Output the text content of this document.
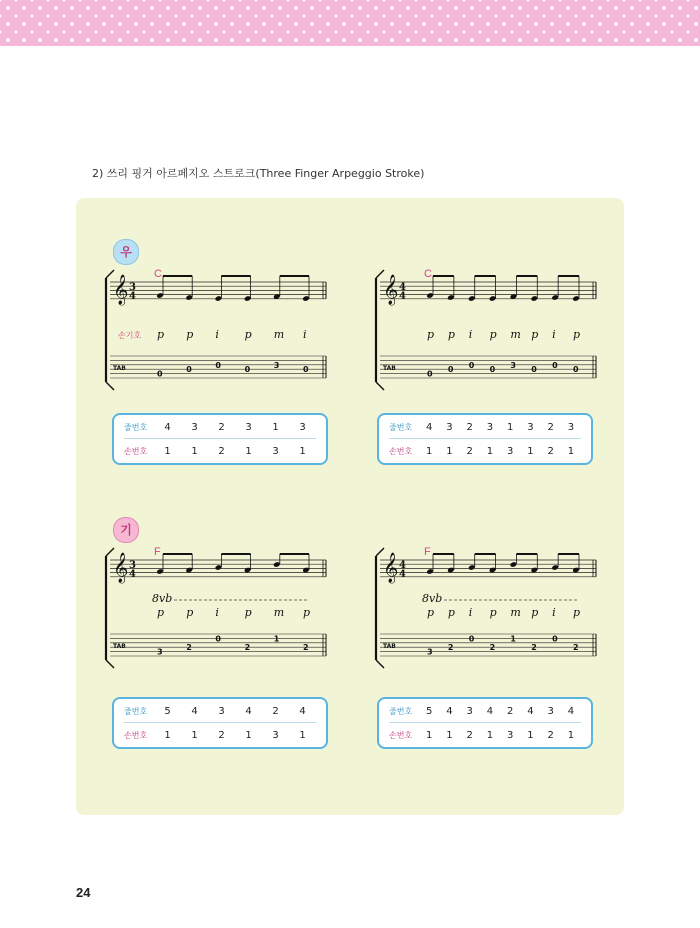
2) 쓰리 핑거 아르페지오 스트로크(Three Finger Arpeggio Stroke)
우
기
𝄞
TAB
3
4
C
손기호 p
0
p
0
i
0
p
0
m
3
i
0
𝄞
TAB
4
4
C
p
0
p
0
i
0
p
0
m
3
p
0
i
0
p
0
𝄞
TAB
3
4
F
p
3
p
2
i
0
p
2
m
1
p
2
8vb
𝄞
TAB
4
4
F
p
3
p
2
i
0
p
2
m
1
p
2
i
0
p
2
8vb
줄번호	4	3	2	3	1	3
손번호	1	1	2	1	3	1
줄번호	4	3	2	3	1	3	2	3
손번호	1	1	2	1	3	1	2	1
줄번호	5	4	3	4	2	4
손번호	1	1	2	1	3	1
줄번호	5	4	3	4	2	4	3	4
손번호	1	1	2	1	3	1	2	1
24
